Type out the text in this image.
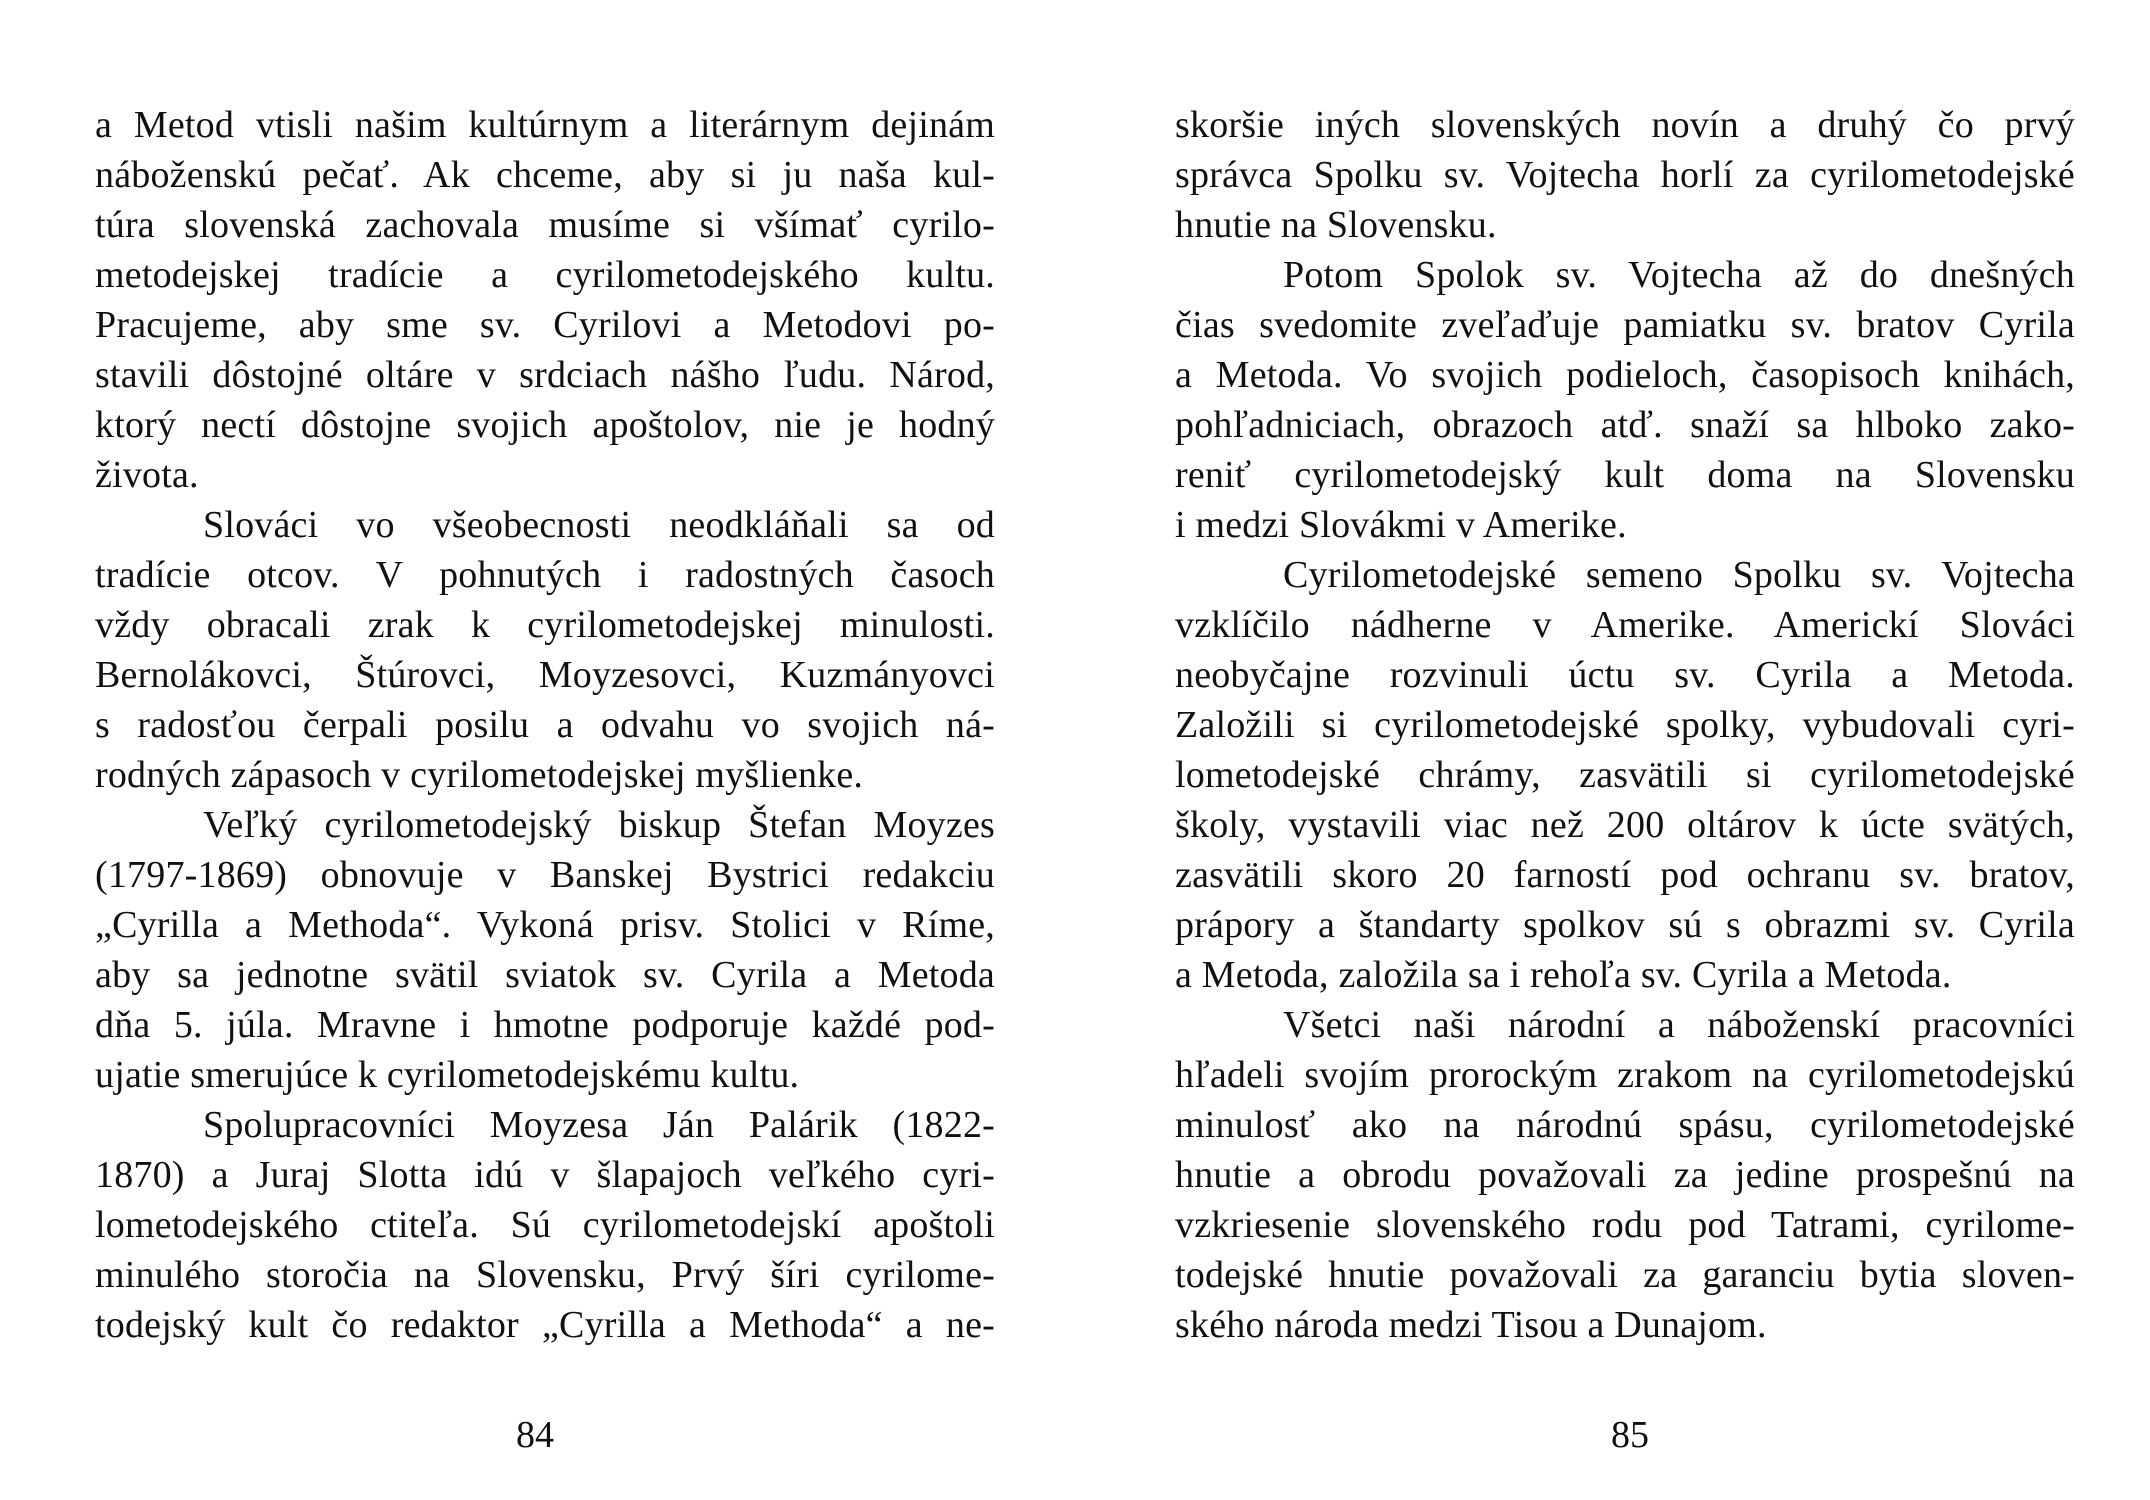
a Metod vtisli našim kultúrnym a literárnym dejinám
náboženskú pečať. Ak chceme, aby si ju naša kul-
túra slovenská zachovala musíme si všímať cyrilo-
metodejskej tradície a cyrilometodejského kultu.
Pracujeme, aby sme sv. Cyrilovi a Metodovi po-
stavili dôstojné oltáre v srdciach nášho ľudu. Národ,
ktorý nectí dôstojne svojich apoštolov, nie je hodný
života.
Slováci vo všeobecnosti neodkláňali sa od
tradície otcov. V pohnutých i radostných časoch
vždy obracali zrak k cyrilometodejskej minulosti.
Bernolákovci, Štúrovci, Moyzesovci, Kuzmányovci
s radosťou čerpali posilu a odvahu vo svojich ná-
rodných zápasoch v cyrilometodejskej myšlienke.
Veľký cyrilometodejský biskup Štefan Moyzes
(1797-1869) obnovuje v Banskej Bystrici redakciu
„Cyrilla a Methoda“. Vykoná prisv. Stolici v Ríme,
aby sa jednotne svätil sviatok sv. Cyrila a Metoda
dňa 5. júla. Mravne i hmotne podporuje každé pod-
ujatie smerujúce k cyrilometodejskému kultu.
Spolupracovníci Moyzesa Ján Palárik (1822-
1870) a Juraj Slotta idú v šlapajoch veľkého cyri-
lometodejského ctiteľa. Sú cyrilometodejskí apoštoli
minulého storočia na Slovensku, Prvý šíri cyrilome-
todejský kult čo redaktor „Cyrilla a Methoda“ a ne-
skoršie iných slovenských novín a druhý čo prvý
správca Spolku sv. Vojtecha horlí za cyrilometodejské
hnutie na Slovensku.
Potom Spolok sv. Vojtecha až do dnešných
čias svedomite zveľaďuje pamiatku sv. bratov Cyrila
a Metoda. Vo svojich podieloch, časopisoch knihách,
pohľadniciach, obrazoch atď. snaží sa hlboko zako-
reniť cyrilometodejský kult doma na Slovensku
i medzi Slovákmi v Amerike.
Cyrilometodejské semeno Spolku sv. Vojtecha
vzklíčilo nádherne v Amerike. Americkí Slováci
neobyčajne rozvinuli úctu sv. Cyrila a Metoda.
Založili si cyrilometodejské spolky, vybudovali cyri-
lometodejské chrámy, zasvätili si cyrilometodejské
školy, vystavili viac než 200 oltárov k úcte svätých,
zasvätili skoro 20 farností pod ochranu sv. bratov,
prápory a štandarty spolkov sú s obrazmi sv. Cyrila
a Metoda, založila sa i rehoľa sv. Cyrila a Metoda.
Všetci naši národní a náboženskí pracovníci
hľadeli svojím prorockým zrakom na cyrilometodejskú
minulosť ako na národnú spásu, cyrilometodejské
hnutie a obrodu považovali za jedine prospešnú na
vzkriesenie slovenského rodu pod Tatrami, cyrilome-
todejské hnutie považovali za garanciu bytia sloven-
ského národa medzi Tisou a Dunajom.
84	85
